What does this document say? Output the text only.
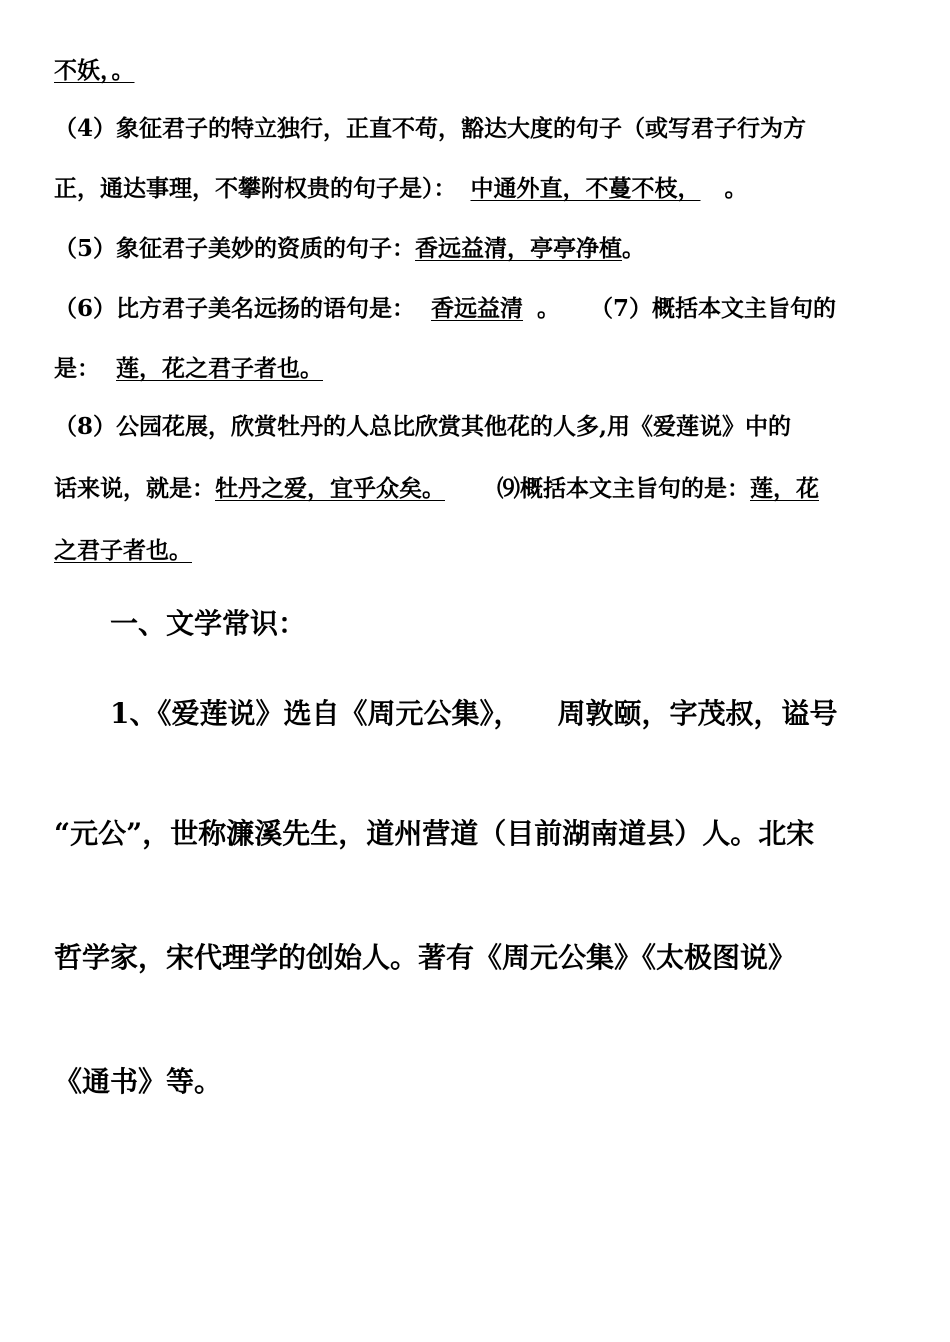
不妖，。
（4）象征君子的特立独行，正直不苟，豁达大度的句子（或写君子行为方
正，通达事理，不攀附权贵的句子是）： 中通外直，不蔓不枝， 。
（5）象征君子美妙的资质的句子：香远益清，亭亭净植。
（6）比方君子美名远扬的语句是： 香远益清 。 （7）概括本文主旨句的
是： 莲，花之君子者也。
（8）公园花展，欣赏牡丹的人总比欣赏其他花的人多,用《爱莲说》中的
话来说，就是：牡丹之爱，宜乎众矣。 ⑼概括本文主旨句的是：莲，花
之君子者也。
一、文学常识：
1、《爱莲说》选自《周元公集》， 周敦颐，字茂叔，谥号
“元公”，世称濂溪先生，道州营道（目前湖南道县）人。北宋
哲学家，宋代理学的创始人。著有《周元公集》《太极图说》
《通书》等。
